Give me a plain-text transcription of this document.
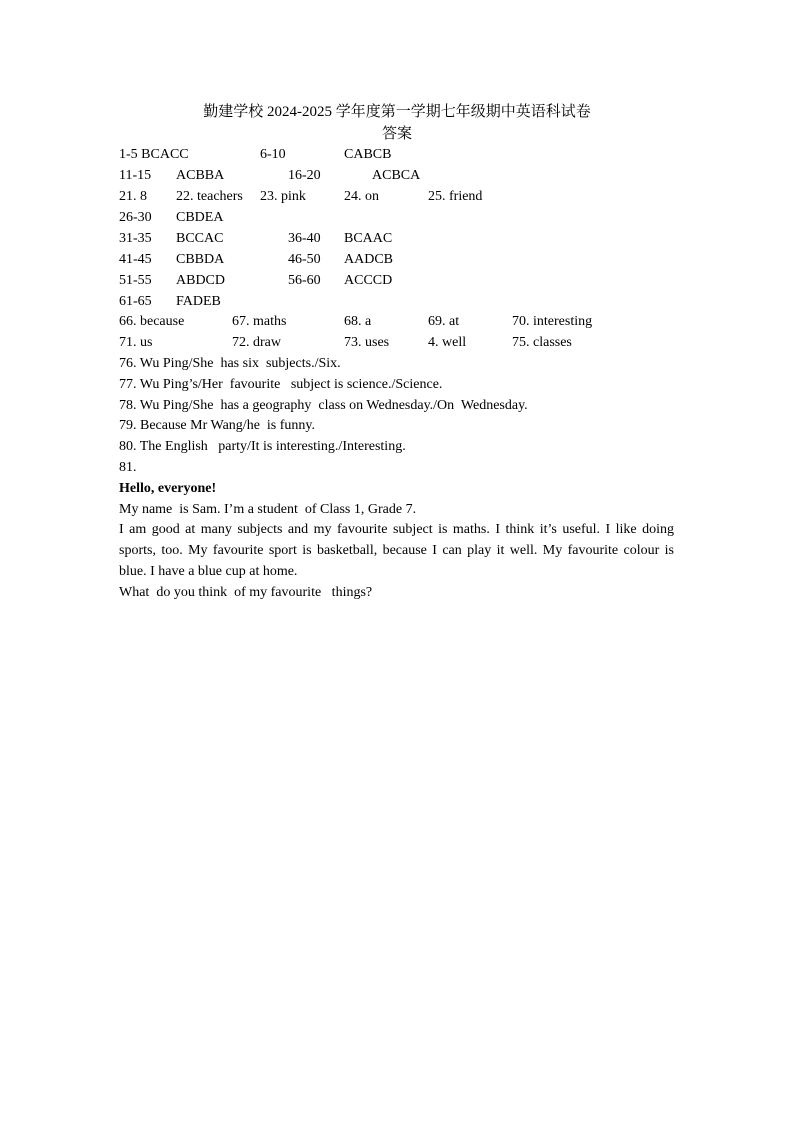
勤建学校 2024-2025 学年度第一学期七年级期中英语科试卷
答案
1-5 BCACC	6-10	CABCB
11-15 ACBBA	16-20	ACBCA
21. 8 22. teachers 23. pink	24. on	25. friend
26-30 CBDEA
31-35 BCCAC	36-40 BCAAC
41-45 CBBDA	46-50 AADCB
51-55 ABDCD	56-60 ACCCD
61-65 FADEB
66. because	67. maths	68. a	69. at	70. interesting
71. us	72. draw	73. uses	4. well	75. classes
76. Wu Ping/She  has six  subjects./Six.
77. Wu Ping’s/Her  favourite   subject is science./Science.
78. Wu Ping/She  has a geography  class on Wednesday./On  Wednesday.
79. Because Mr Wang/he  is funny.
80. The English   party/It is interesting./Interesting.
81.
Hello, everyone!
My name  is Sam. I’m a student  of Class 1, Grade 7.
I am good at many subjects and my favourite subject is maths. I think it’s useful. I like doing sports, too. My favourite sport is basketball, because I can play it well. My favourite colour is blue. I have a blue cup at home.
What  do you think  of my favourite   things?
